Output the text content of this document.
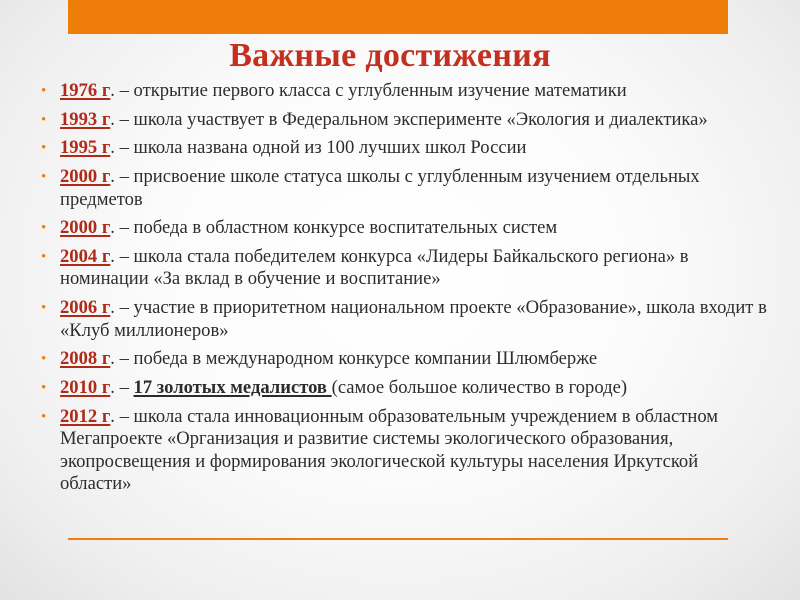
Важные достижения
• 1976 г. – открытие первого класса с углубленным изучение математики
• 1993 г. – школа участвует в Федеральном эксперименте «Экология и диалектика»
• 1995 г. – школа названа одной из 100 лучших школ России
• 2000 г. – присвоение школе статуса школы с углубленным изучением отдельных предметов
• 2000 г. – победа в областном конкурсе воспитательных систем
• 2004 г. – школа стала победителем конкурса «Лидеры Байкальского региона» в номинации «За вклад в обучение и воспитание»
• 2006 г. – участие в приоритетном национальном проекте «Образование», школа входит в «Клуб миллионеров»
• 2008 г. – победа в международном конкурсе компании Шлюмберже
• 2010 г. – 17 золотых медалистов (самое большое количество в городе)
• 2012 г. – школа стала инновационным образовательным учреждением в областном Мегапроекте «Организация и развитие системы экологического образования, экопросвещения и формирования экологической культуры населения Иркутской области»
